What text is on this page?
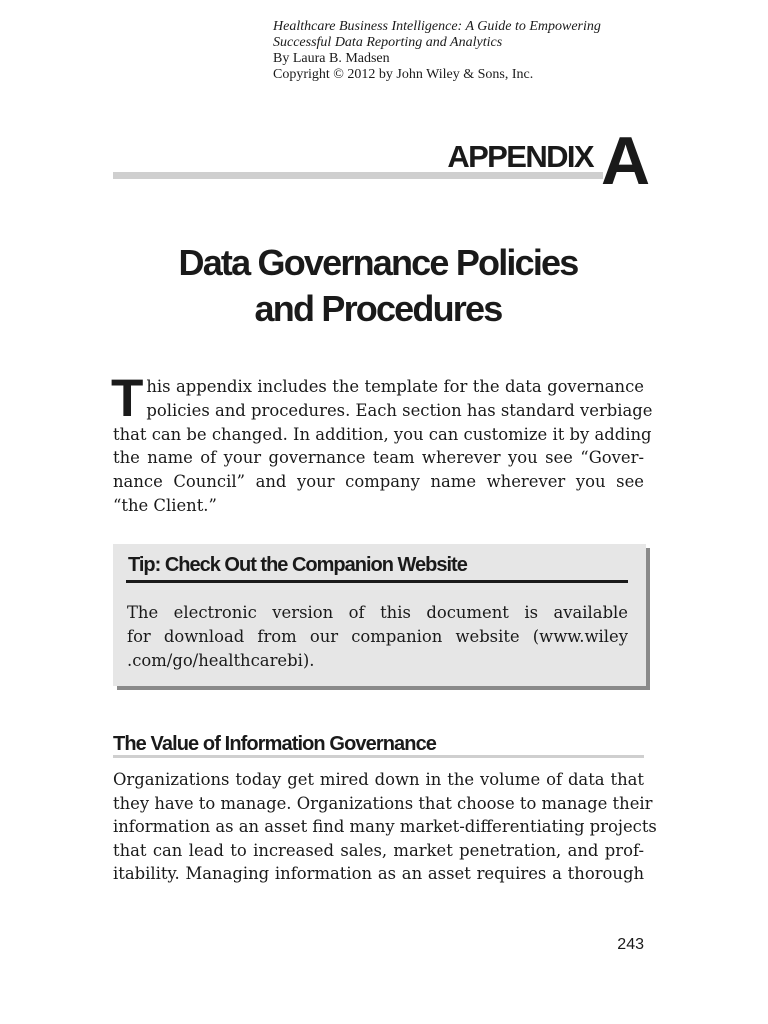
Healthcare Business Intelligence: A Guide to Empowering
Successful Data Reporting and Analytics
By Laura B. Madsen
Copyright © 2012 by John Wiley & Sons, Inc.
APPENDIX A
Data Governance Policies
and Procedures
T his appendix includes the template for the data governance
policies and procedures. Each section has standard verbiage
that can be changed. In addition, you can customize it by adding
the name of your governance team wherever you see “Gover-
nance Council” and your company name wherever you see
“the Client.”
Tip: Check Out the Companion Website
The electronic version of this document is available
for download from our companion website (www.wiley
.com/go/healthcarebi).
The Value of Information Governance
Organizations today get mired down in the volume of data that
they have to manage. Organizations that choose to manage their
information as an asset find many market-differentiating projects
that can lead to increased sales, market penetration, and prof-
itability. Managing information as an asset requires a thorough
243
